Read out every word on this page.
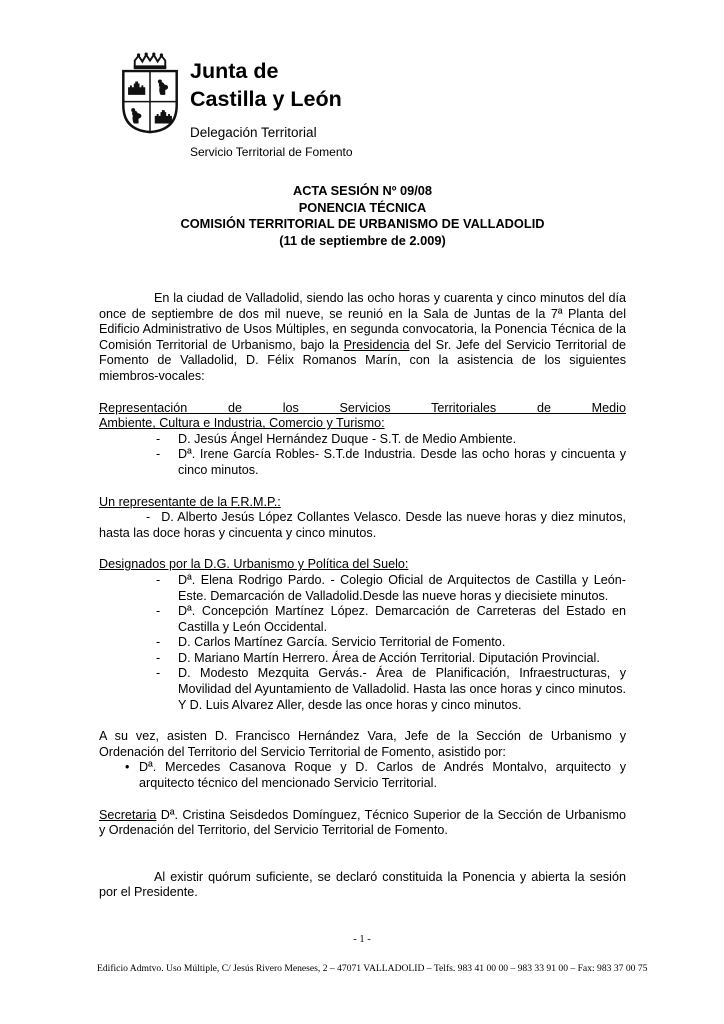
Junta de
Castilla y León
Delegación Territorial
Servicio Territorial de Fomento
ACTA SESIÓN Nº 09/08
PONENCIA TÉCNICA
COMISIÓN TERRITORIAL DE URBANISMO DE VALLADOLID
(11 de septiembre de 2.009)
En la ciudad de Valladolid, siendo las ocho horas y cuarenta y cinco minutos del día once de septiembre de dos mil nueve, se reunió en la Sala de Juntas de la 7ª Planta del Edificio Administrativo de Usos Múltiples, en segunda convocatoria, la Ponencia Técnica de la Comisión Territorial de Urbanismo, bajo la Presidencia del Sr. Jefe del Servicio Territorial de Fomento de Valladolid, D. Félix Romanos Marín, con la asistencia de los siguientes miembros-vocales:
Representación de los Servicios Territoriales de Medio
Ambiente, Cultura e Industria, Comercio y Turismo:
- D. Jesús Ángel Hernández Duque - S.T. de Medio Ambiente.
- Dª. Irene García Robles- S.T.de Industria. Desde las ocho horas y cincuenta y cinco minutos.
Un representante de la F.R.M.P.:
- D. Alberto Jesús López Collantes Velasco. Desde las nueve horas y diez minutos, hasta las doce horas y cincuenta y cinco minutos.
Designados por la D.G. Urbanismo y Política del Suelo:
- Dª. Elena Rodrigo Pardo. - Colegio Oficial de Arquitectos de Castilla y León-Este. Demarcación de Valladolid.Desde las nueve horas y diecisiete minutos.
- Dª. Concepción Martínez López. Demarcación de Carreteras del Estado en Castilla y León Occidental.
- D. Carlos Martínez García. Servicio Territorial de Fomento.
- D. Mariano Martín Herrero. Área de Acción Territorial. Diputación Provincial.
- D. Modesto Mezquita Gervás.- Área de Planificación, Infraestructuras, y Movilidad del Ayuntamiento de Valladolid. Hasta las once horas y cinco minutos. Y D. Luis Alvarez Aller, desde las once horas y cinco minutos.
A su vez, asisten D. Francisco Hernández Vara, Jefe de la Sección de Urbanismo y Ordenación del Territorio del Servicio Territorial de Fomento, asistido por:
• Dª. Mercedes Casanova Roque y D. Carlos de Andrés Montalvo, arquitecto y arquitecto técnico del mencionado Servicio Territorial.
Secretaria Dª. Cristina Seisdedos Domínguez, Técnico Superior de la Sección de Urbanismo y Ordenación del Territorio, del Servicio Territorial de Fomento.
Al existir quórum suficiente, se declaró constituida la Ponencia y abierta la sesión por el Presidente.
- 1 -
Edificio Admtvo. Uso Múltiple, C/ Jesús Rivero Meneses, 2 – 47071 VALLADOLID – Telfs. 983 41 00 00 – 983 33 91 00 – Fax: 983 37 00 75
